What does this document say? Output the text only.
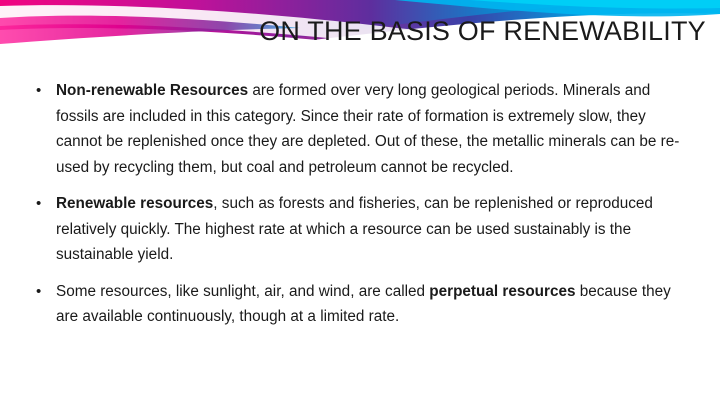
ON THE BASIS OF RENEWABILITY
• Non-renewable Resources are formed over very long geological periods. Minerals and fossils are included in this category. Since their rate of formation is extremely slow, they cannot be replenished once they are depleted. Out of these, the metallic minerals can be re-used by recycling them, but coal and petroleum cannot be recycled.
• Renewable resources, such as forests and fisheries, can be replenished or reproduced relatively quickly. The highest rate at which a resource can be used sustainably is the sustainable yield.
• Some resources, like sunlight, air, and wind, are called perpetual resources because they are available continuously, though at a limited rate.
